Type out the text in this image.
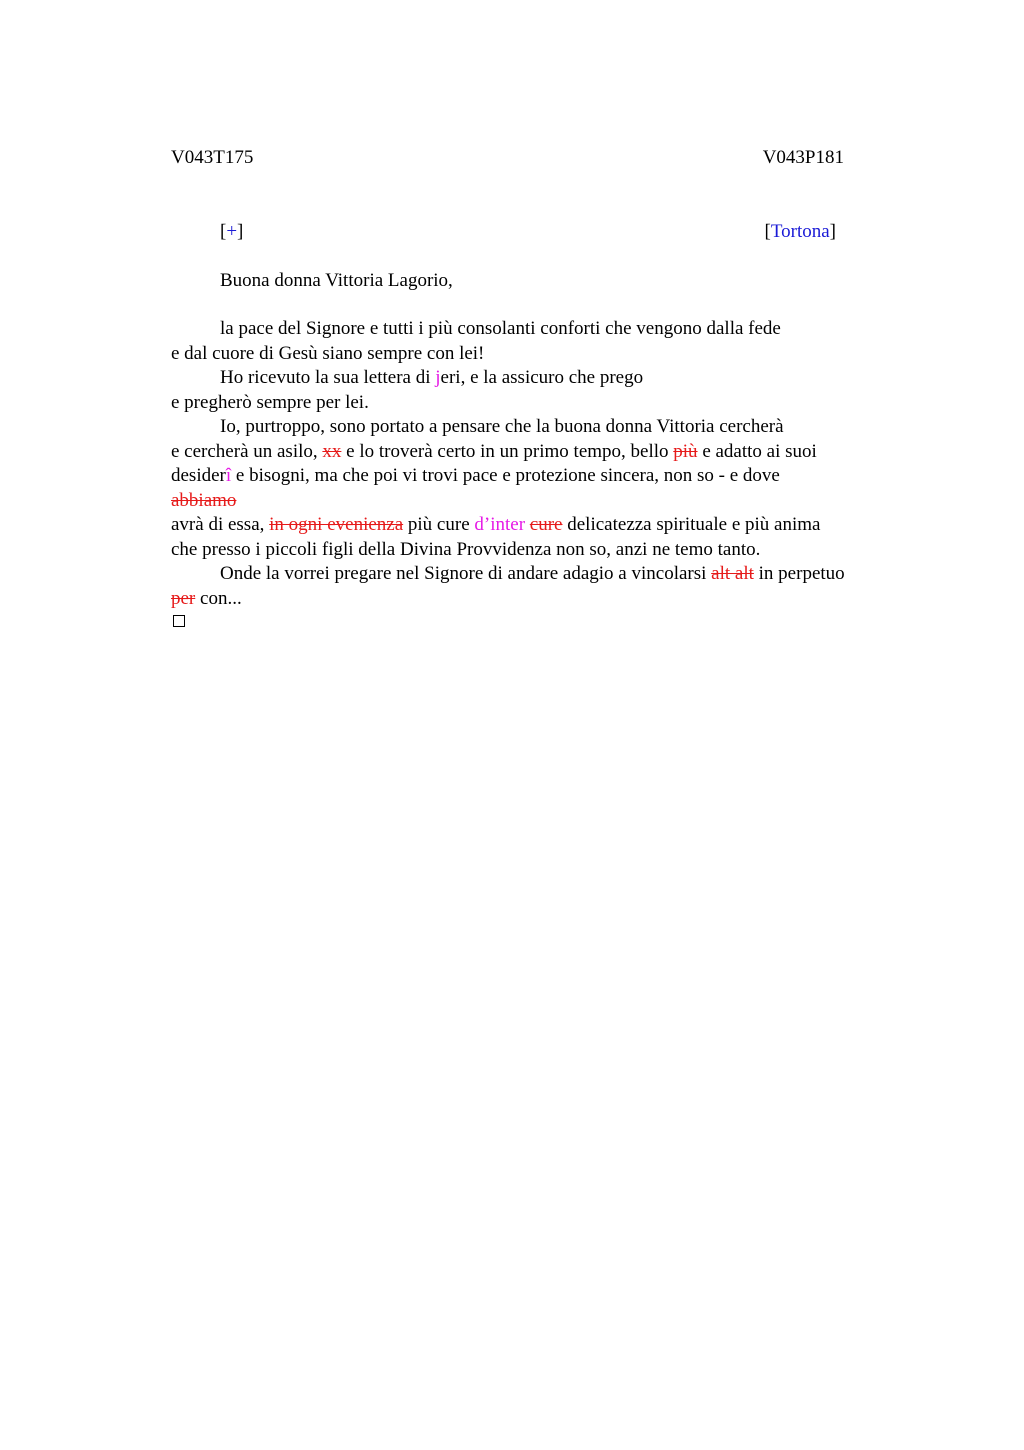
V043T175	V043P181
[+]	[Tortona]
Buona donna Vittoria Lagorio,
la pace del Signore e tutti i più consolanti conforti che vengono dalla fede
e dal cuore di Gesù siano sempre con lei!
Ho ricevuto la sua lettera di jeri, e la assicuro che prego
e pregherò sempre per lei.
Io, purtroppo, sono portato a pensare che la buona donna Vittoria cercherà
e cercherà un asilo, xx e lo troverà certo in un primo tempo, bello più e adatto ai suoi
desiderî e bisogni, ma che poi vi trovi pace e protezione sincera, non so - e dove
abbiamo
avrà di essa, in ogni evenienza più cure d’inter cure delicatezza spirituale e più anima
che presso i piccoli figli della Divina Provvidenza non so, anzi ne temo tanto.
Onde la vorrei pregare nel Signore di andare adagio a vincolarsi alt alt in perpetuo
per con...
